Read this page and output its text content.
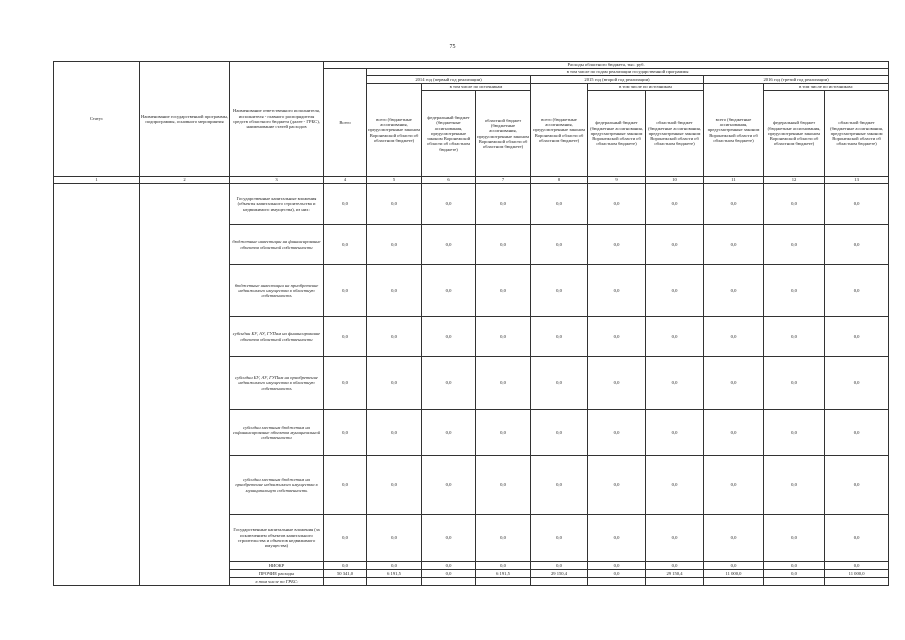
75
Статус	Наименование государственной программы, подпрограммы, основного мероприятия	Наименование ответственного исполнителя, исполнителя - главного распорядителя средств областного бюджета (далее - ГРБС), наименование статей расходов	Расходы областного бюджета, тыс. руб.									
			Всего	в том числе по годам реализации государственной программы								
				2014 год (первый год реализации)			2015 год (второй год реализации)			2016 год (третий год реализации)		
				всего (бюджетные ассигнования, предусмотренные законом Воронежской области об областном бюджете)	в том числе по источникам		всего (бюджетные ассигнования, предусмотренные законом Воронежской области об областном бюджете)	в том числе по источникам		всего (бюджетные ассигнования, предусмотренные законом Воронежской области об областном бюджете)	в том числе по источникам:	
					федеральный бюджет (бюджетные ассигнования, предусмотренные законом Воронежской области об областном бюджете)	областной бюджет (бюджетные ассигнования, предусмотренные законом Воронежской области об областном бюджете)		федеральный бюджет (бюджетные ассигнования, предусмотренные законом Воронежской области об областном бюджете)	областной бюджет (бюджетные ассигнования, предусмотренные законом Воронежской области об областном бюджете)		федеральный бюджет (бюджетные ассигнования, предусмотренные законом Воронежской области об областном бюджете)	областной бюджет (бюджетные ассигнования, предусмотренные законом Воронежской области об областном бюджете)
1	2	3	4	5	6	7	8	9	10	11	12	13
		Государственные капитальные вложения (объекты капитального строительства и недвижимого имущества), из них:	0,0	0,0	0,0	0,0	0,0	0,0	0,0	0,0	0,0	0,0
		бюджетные инвестиции на финансирование объектов областной собственности	0,0	0,0	0,0	0,0	0,0	0,0	0,0	0,0	0,0	0,0
		бюджетные инвестиции на приобретение недвижимого имущества в областную собственность	0,0	0,0	0,0	0,0	0,0	0,0	0,0	0,0	0,0	0,0
		субсидии БУ, АУ, ГУПам на финансирование объектов областной собственности	0,0	0,0	0,0	0,0	0,0	0,0	0,0	0,0	0,0	0,0
		субсидии БУ, АУ, ГУПам на приобретение недвижимого имущества в областную собственность	0,0	0,0	0,0	0,0	0,0	0,0	0,0	0,0	0,0	0,0
		субсидии местным бюджетам на софинансирование объектов муниципальной собственности	0,0	0,0	0,0	0,0	0,0	0,0	0,0	0,0	0,0	0,0
		субсидии местным бюджетам на приобретение недвижимого имущества в муниципальную собственность	0,0	0,0	0,0	0,0	0,0	0,0	0,0	0,0	0,0	0,0
		Государственные капитальные вложения (за исключением объектов капитального строительства и объектов недвижимого имущества)	0,0	0,0	0,0	0,0	0,0	0,0	0,0	0,0	0,0	0,0
		НИОКР	0,0	0,0	0,0	0,0	0,0	0,0	0,0	0,0	0,0	0,0
		ПРОЧИЕ расходы	50 341,0	6 191,5	0,0	6 191,5	29 150,4	0,0	29 150,4	11 000,0	0,0	11 000,0
		в том числе по ГРБС:										
